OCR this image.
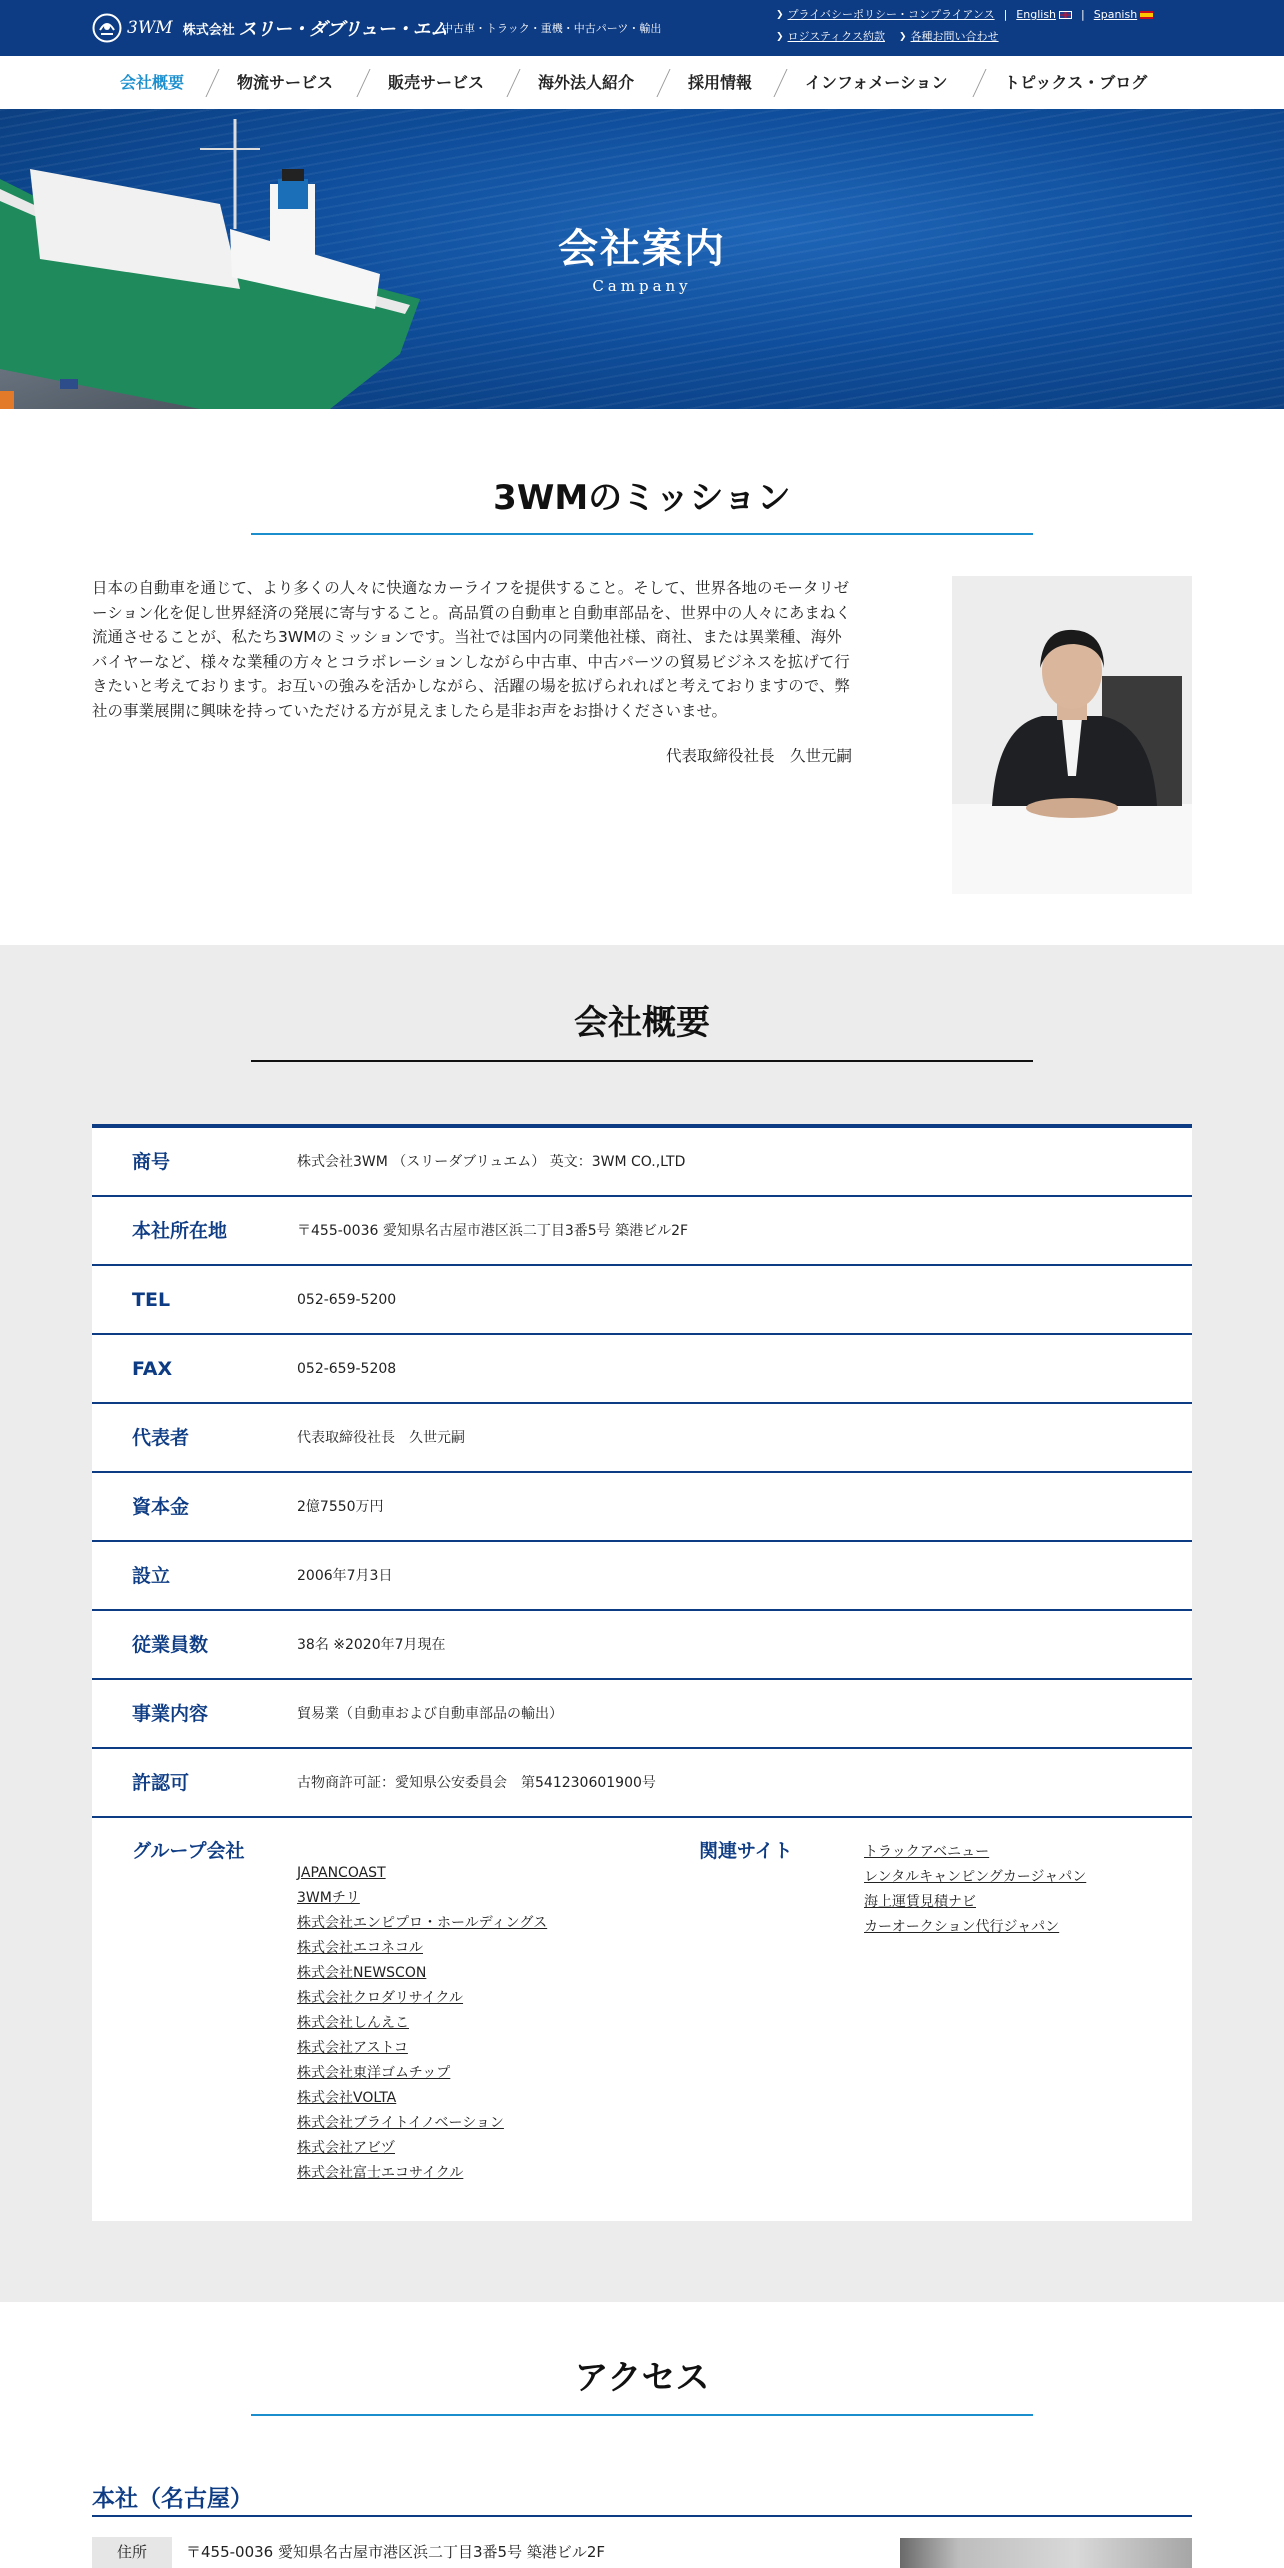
3WM 株式会社 スリー・ダブリュー・エム
中古車・トラック・重機・中古パーツ・輸出
❯ プライバシーポリシー・コンプライアンス | English | Spanish
❯ ロジスティクス約款 ❯ 各種お問い合わせ
会社概要	物流サービス	販売サービス	海外法人紹介	採用情報	インフォメーション	トピックス・ブログ
会社案内
Campany
3WMのミッション

日本の自動車を通じて、より多くの人々に快適なカーライフを提供すること。そして、世界各地のモータリゼーション化を促し世界経済の発展に寄与すること。高品質の自動車と自動車部品を、世界中の人々にあまねく流通させることが、私たち3WMのミッションです。当社では国内の同業他社様、商社、または異業種、海外バイヤーなど、様々な業種の方々とコラボレーションしながら中古車、中古パーツの貿易ビジネスを拡げて行きたいと考えております。お互いの強みを活かしながら、活躍の場を拡げられればと考えておりますので、弊社の事業展開に興味を持っていただける方が見えましたら是非お声をお掛けくださいませ。

代表取締役社長　久世元嗣
会社概要
商号	株式会社3WM （スリーダブリュエム） 英文：3WM CO.,LTD
本社所在地	〒455-0036 愛知県名古屋市港区浜二丁目3番5号 築港ビル2F
TEL	052-659-5200
FAX	052-659-5208
代表者	代表取締役社長　久世元嗣
資本金	2億7550万円
設立	2006年7月3日
従業員数	38名 ※2020年7月現在
事業内容	貿易業（自動車および自動車部品の輸出）
許認可	古物商許可証：愛知県公安委員会　第541230601900号
グループ会社
JAPANCOAST
3WMチリ
株式会社エンピプロ・ホールディングス
株式会社エコネコル
株式会社NEWSCON
株式会社クロダリサイクル
株式会社しんえこ
株式会社アストコ
株式会社東洋ゴムチップ
株式会社VOLTA
株式会社ブライトイノベーション
株式会社アビヅ
株式会社富士エコサイクル
関連サイト	トラックアベニュー
レンタルキャンピングカージャパン
海上運賃見積ナビ
カーオークション代行ジャパン
アクセス
本社（名古屋）
住所	〒455-0036 愛知県名古屋市港区浜二丁目3番5号 築港ビル2F
